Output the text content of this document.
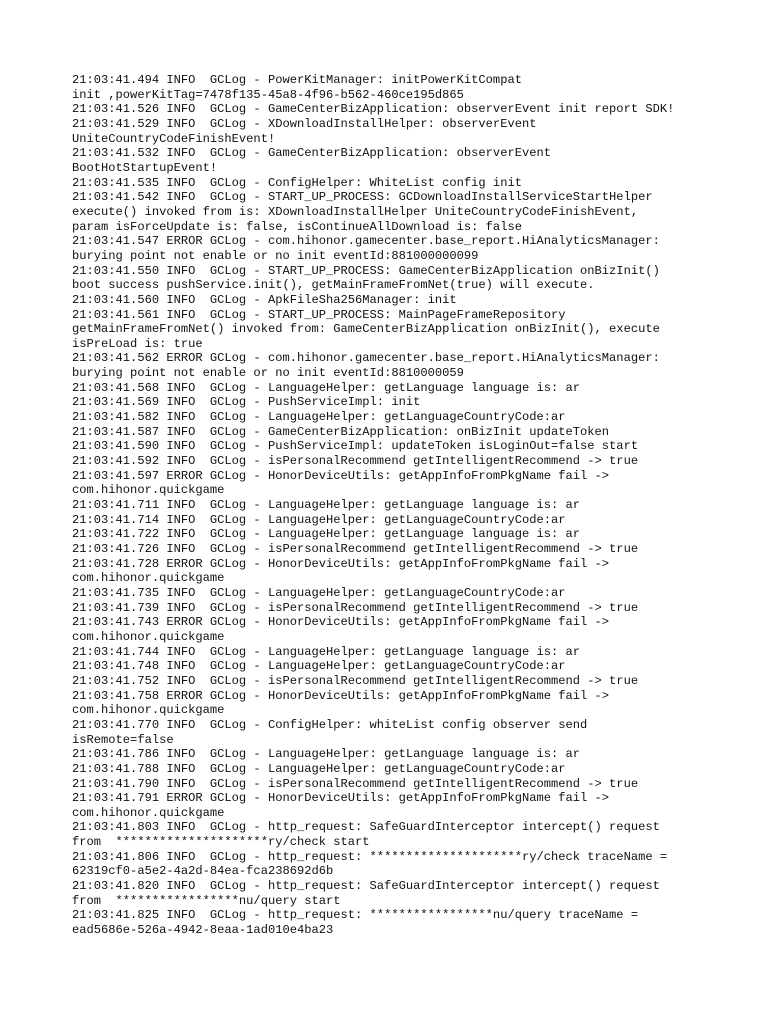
21:03:41.494 INFO  GCLog - PowerKitManager: initPowerKitCompat
init ,powerKitTag=7478f135-45a8-4f96-b562-460ce195d865
21:03:41.526 INFO  GCLog - GameCenterBizApplication: observerEvent init report SDK!
21:03:41.529 INFO  GCLog - XDownloadInstallHelper: observerEvent
UniteCountryCodeFinishEvent!
21:03:41.532 INFO  GCLog - GameCenterBizApplication: observerEvent
BootHotStartupEvent!
21:03:41.535 INFO  GCLog - ConfigHelper: WhiteList config init
21:03:41.542 INFO  GCLog - START_UP_PROCESS: GCDownloadInstallServiceStartHelper
execute() invoked from is: XDownloadInstallHelper UniteCountryCodeFinishEvent,
param isForceUpdate is: false, isContinueAllDownload is: false
21:03:41.547 ERROR GCLog - com.hihonor.gamecenter.base_report.HiAnalyticsManager:
burying point not enable or no init eventId:881000000099
21:03:41.550 INFO  GCLog - START_UP_PROCESS: GameCenterBizApplication onBizInit()
boot success pushService.init(), getMainFrameFromNet(true) will execute.
21:03:41.560 INFO  GCLog - ApkFileSha256Manager: init
21:03:41.561 INFO  GCLog - START_UP_PROCESS: MainPageFrameRepository
getMainFrameFromNet() invoked from: GameCenterBizApplication onBizInit(), execute
isPreLoad is: true
21:03:41.562 ERROR GCLog - com.hihonor.gamecenter.base_report.HiAnalyticsManager:
burying point not enable or no init eventId:8810000059
21:03:41.568 INFO  GCLog - LanguageHelper: getLanguage language is: ar
21:03:41.569 INFO  GCLog - PushServiceImpl: init
21:03:41.582 INFO  GCLog - LanguageHelper: getLanguageCountryCode:ar
21:03:41.587 INFO  GCLog - GameCenterBizApplication: onBizInit updateToken
21:03:41.590 INFO  GCLog - PushServiceImpl: updateToken isLoginOut=false start
21:03:41.592 INFO  GCLog - isPersonalRecommend getIntelligentRecommend -> true
21:03:41.597 ERROR GCLog - HonorDeviceUtils: getAppInfoFromPkgName fail ->
com.hihonor.quickgame
21:03:41.711 INFO  GCLog - LanguageHelper: getLanguage language is: ar
21:03:41.714 INFO  GCLog - LanguageHelper: getLanguageCountryCode:ar
21:03:41.722 INFO  GCLog - LanguageHelper: getLanguage language is: ar
21:03:41.726 INFO  GCLog - isPersonalRecommend getIntelligentRecommend -> true
21:03:41.728 ERROR GCLog - HonorDeviceUtils: getAppInfoFromPkgName fail ->
com.hihonor.quickgame
21:03:41.735 INFO  GCLog - LanguageHelper: getLanguageCountryCode:ar
21:03:41.739 INFO  GCLog - isPersonalRecommend getIntelligentRecommend -> true
21:03:41.743 ERROR GCLog - HonorDeviceUtils: getAppInfoFromPkgName fail ->
com.hihonor.quickgame
21:03:41.744 INFO  GCLog - LanguageHelper: getLanguage language is: ar
21:03:41.748 INFO  GCLog - LanguageHelper: getLanguageCountryCode:ar
21:03:41.752 INFO  GCLog - isPersonalRecommend getIntelligentRecommend -> true
21:03:41.758 ERROR GCLog - HonorDeviceUtils: getAppInfoFromPkgName fail ->
com.hihonor.quickgame
21:03:41.770 INFO  GCLog - ConfigHelper: whiteList config observer send
isRemote=false
21:03:41.786 INFO  GCLog - LanguageHelper: getLanguage language is: ar
21:03:41.788 INFO  GCLog - LanguageHelper: getLanguageCountryCode:ar
21:03:41.790 INFO  GCLog - isPersonalRecommend getIntelligentRecommend -> true
21:03:41.791 ERROR GCLog - HonorDeviceUtils: getAppInfoFromPkgName fail ->
com.hihonor.quickgame
21:03:41.803 INFO  GCLog - http_request: SafeGuardInterceptor intercept() request
from  *********************ry/check start
21:03:41.806 INFO  GCLog - http_request: *********************ry/check traceName =
62319cf0-a5e2-4a2d-84ea-fca238692d6b
21:03:41.820 INFO  GCLog - http_request: SafeGuardInterceptor intercept() request
from  *****************nu/query start
21:03:41.825 INFO  GCLog - http_request: *****************nu/query traceName =
ead5686e-526a-4942-8eaa-1ad010e4ba23
